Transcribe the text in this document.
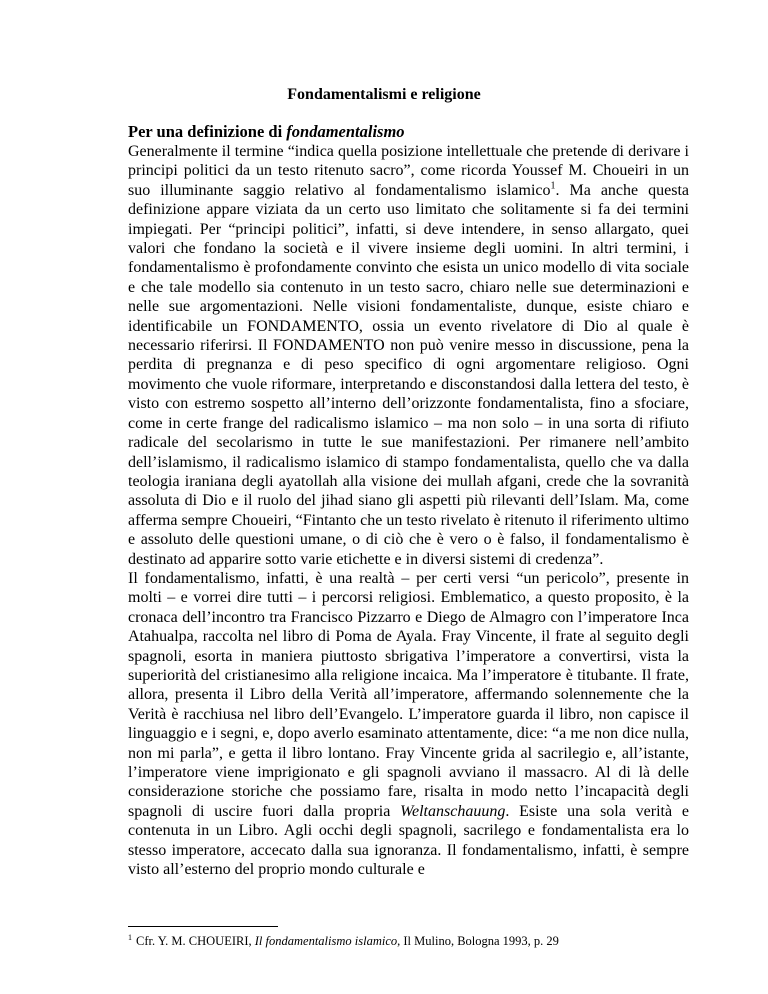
Fondamentalismi e religione
Per una definizione di fondamentalismo

Generalmente il termine “indica quella posizione intellettuale che pretende di derivare i principi politici da un testo ritenuto sacro”, come ricorda Youssef M. Choueiri in un suo illuminante saggio relativo al fondamentalismo islamico$^1$. Ma anche questa definizione appare viziata da un certo uso limitato che solitamente si fa dei termini impiegati. Per “principi politici”, infatti, si deve intendere, in senso allargato, quei valori che fondano la società e il vivere insieme degli uomini. In altri termini, i fondamentalismo è profondamente convinto che esista un unico modello di vita sociale e che tale modello sia contenuto in un testo sacro, chiaro nelle sue determinazioni e nelle sue argomentazioni. Nelle visioni fondamentaliste, dunque, esiste chiaro e identificabile un FONDAMENTO, ossia un evento rivelatore di Dio al quale è necessario riferirsi. Il FONDAMENTO non può venire messo in discussione, pena la perdita di pregnanza e di peso specifico di ogni argomentare religioso. Ogni movimento che vuole riformare, interpretando e disconstandosi dalla lettera del testo, è visto con estremo sospetto all’interno dell’orizzonte fondamentalista, fino a sfociare, come in certe frange del radicalismo islamico – ma non solo – in una sorta di rifiuto radicale del secolarismo in tutte le sue manifestazioni. Per rimanere nell’ambito dell’islamismo, il radicalismo islamico di stampo fondamentalista, quello che va dalla teologia iraniana degli ayatollah alla visione dei mullah afgani, crede che la sovranità assoluta di Dio e il ruolo del jihad siano gli aspetti più rilevanti dell’Islam. Ma, come afferma sempre Choueiri, “Fintanto che un testo rivelato è ritenuto il riferimento ultimo e assoluto delle questioni umane, o di ciò che è vero o è falso, il fondamentalismo è destinato ad apparire sotto varie etichette e in diversi sistemi di credenza”.

Il fondamentalismo, infatti, è una realtà – per certi versi “un pericolo”, presente in molti – e vorrei dire tutti – i percorsi religiosi. Emblematico, a questo proposito, è la cronaca dell’incontro tra Francisco Pizzarro e Diego de Almagro con l’imperatore Inca Atahualpa, raccolta nel libro di Poma de Ayala. Fray Vincente, il frate al seguito degli spagnoli, esorta in maniera piuttosto sbrigativa l’imperatore a convertirsi, vista la superiorità del cristianesimo alla religione incaica. Ma l’imperatore è titubante. Il frate, allora, presenta il Libro della Verità all’imperatore, affermando solennemente che la Verità è racchiusa nel libro dell’Evangelo. L’imperatore guarda il libro, non capisce il linguaggio e i segni, e, dopo averlo esaminato attentamente, dice: “a me non dice nulla, non mi parla”, e getta il libro lontano. Fray Vincente grida al sacrilegio e, all’istante, l’imperatore viene imprigionato e gli spagnoli avviano il massacro. Al di là delle considerazione storiche che possiamo fare, risalta in modo netto l’incapacità degli spagnoli di uscire fuori dalla propria Weltanschauung. Esiste una sola verità e contenuta in un Libro. Agli occhi degli spagnoli, sacrilego e fondamentalista era lo stesso imperatore, accecato dalla sua ignoranza. Il fondamentalismo, infatti, è sempre visto all’esterno del proprio mondo culturale e

$^1$ Cfr. Y. M. CHOUEIRI, Il fondamentalismo islamico, Il Mulino, Bologna 1993, p. 29
